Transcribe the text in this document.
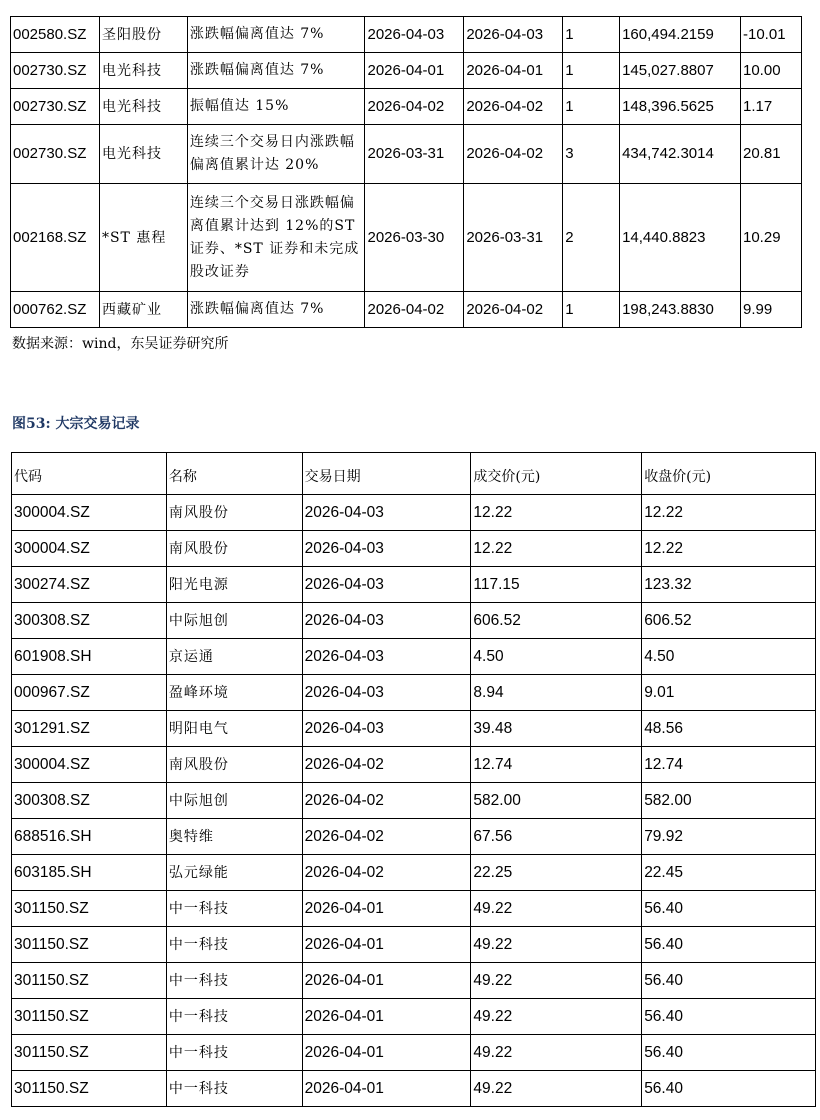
002580.SZ	圣阳股份	涨跌幅偏离值达 7%	2026-04-03	2026-04-03	1	160,494.2159	-10.01
002730.SZ	电光科技	涨跌幅偏离值达 7%	2026-04-01	2026-04-01	1	145,027.8807	10.00
002730.SZ	电光科技	振幅值达 15%	2026-04-02	2026-04-02	1	148,396.5625	1.17
002730.SZ	电光科技	连续三个交易日内涨跌幅偏离值累计达 20%	2026-03-31	2026-04-02	3	434,742.3014	20.81
002168.SZ	*ST 惠程	连续三个交易日涨跌幅偏离值累计达到 12%的ST 证券、*ST 证券和未完成股改证券	2026-03-30	2026-03-31	2	14,440.8823	10.29
000762.SZ	西藏矿业	涨跌幅偏离值达 7%	2026-04-02	2026-04-02	1	198,243.8830	9.99
数据来源：wind，东吴证券研究所
图53: 大宗交易记录
代码	名称	交易日期	成交价(元)	收盘价(元)
300004.SZ	南风股份	2026-04-03	12.22	12.22
300004.SZ	南风股份	2026-04-03	12.22	12.22
300274.SZ	阳光电源	2026-04-03	117.15	123.32
300308.SZ	中际旭创	2026-04-03	606.52	606.52
601908.SH	京运通	2026-04-03	4.50	4.50
000967.SZ	盈峰环境	2026-04-03	8.94	9.01
301291.SZ	明阳电气	2026-04-03	39.48	48.56
300004.SZ	南风股份	2026-04-02	12.74	12.74
300308.SZ	中际旭创	2026-04-02	582.00	582.00
688516.SH	奥特维	2026-04-02	67.56	79.92
603185.SH	弘元绿能	2026-04-02	22.25	22.45
301150.SZ	中一科技	2026-04-01	49.22	56.40
301150.SZ	中一科技	2026-04-01	49.22	56.40
301150.SZ	中一科技	2026-04-01	49.22	56.40
301150.SZ	中一科技	2026-04-01	49.22	56.40
301150.SZ	中一科技	2026-04-01	49.22	56.40
301150.SZ	中一科技	2026-04-01	49.22	56.40
